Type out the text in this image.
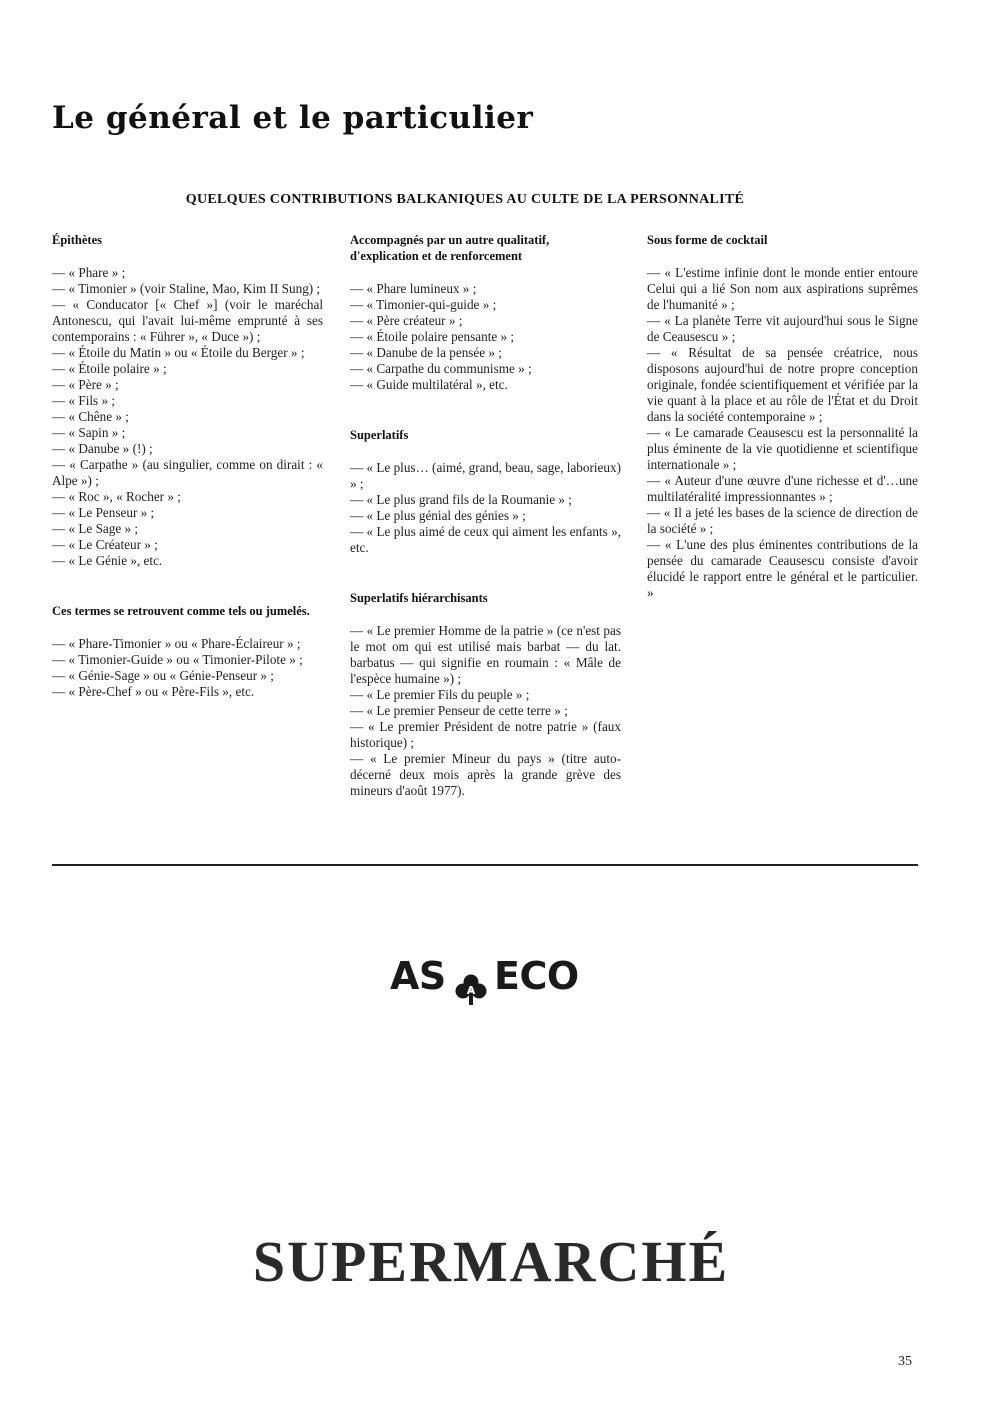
Le général et le particulier
QUELQUES CONTRIBUTIONS BALKANIQUES AU CULTE DE LA PERSONNALITÉ

Épithètes

— « Phare » ;

— « Timonier » (voir Staline, Mao, Kim II Sung) ;

— « Conducator [« Chef »] (voir le maréchal Antonescu, qui l'avait lui-même emprunté à ses contemporains : « Führer », « Duce ») ;

— « Étoile du Matin » ou « Étoile du Berger » ;

— « Étoile polaire » ;

— « Père » ;

— « Fils » ;

— « Chêne » ;

— « Sapin » ;

— « Danube » (!) ;

— « Carpathe » (au singulier, comme on dirait : « Alpe ») ;

— « Roc », « Rocher » ;

— « Le Penseur » ;

— « Le Sage » ;

— « Le Créateur » ;

— « Le Génie », etc.

Ces termes se retrouvent comme tels ou jumelés.

— « Phare-Timonier » ou « Phare-Éclaireur » ;

— « Timonier-Guide » ou « Timonier-Pilote » ;

— « Génie-Sage » ou « Génie-Penseur » ;

— « Père-Chef » ou « Père-Fils », etc.

Accompagnés par un autre qualitatif, d'explication et de renforcement

— « Phare lumineux » ;

— « Timonier-qui-guide » ;

— « Père créateur » ;

— « Étoile polaire pensante » ;

— « Danube de la pensée » ;

— « Carpathe du communisme » ;

— « Guide multilatéral », etc.

Superlatifs

— « Le plus… (aimé, grand, beau, sage, laborieux) » ;

— « Le plus grand fils de la Roumanie » ;

— « Le plus génial des génies » ;

— « Le plus aimé de ceux qui aiment les enfants », etc.

Superlatifs hiérarchisants

— « Le premier Homme de la patrie » (ce n'est pas le mot om qui est utilisé mais barbat — du lat. barbatus — qui signifie en roumain : « Mâle de l'espèce humaine ») ;

— « Le premier Fils du peuple » ;

— « Le premier Penseur de cette terre » ;

— « Le premier Président de notre patrie » (faux historique) ;

— « Le premier Mineur du pays » (titre auto-décerné deux mois après la grande grève des mineurs d'août 1977).

Sous forme de cocktail

— « L'estime infinie dont le monde entier entoure Celui qui a lié Son nom aux aspirations suprêmes de l'humanité » ;

— « La planète Terre vit aujourd'hui sous le Signe de Ceausescu » ;

— « Résultat de sa pensée créatrice, nous disposons aujourd'hui de notre propre conception originale, fondée scientifiquement et vérifiée par la vie quant à la place et au rôle de l'État et du Droit dans la société contemporaine » ;

— « Le camarade Ceausescu est la personnalité la plus éminente de la vie quotidienne et scientifique internationale » ;

— « Auteur d'une œuvre d'une richesse et d'…une multilatéralité impressionnantes » ;

— « Il a jeté les bases de la science de direction de la société » ;

— « L'une des plus éminentes contributions de la pensée du camarade Ceausescu consiste d'avoir élucidé le rapport entre le général et le particulier. »

AS A ECO
SUPERMARCHÉ
35
